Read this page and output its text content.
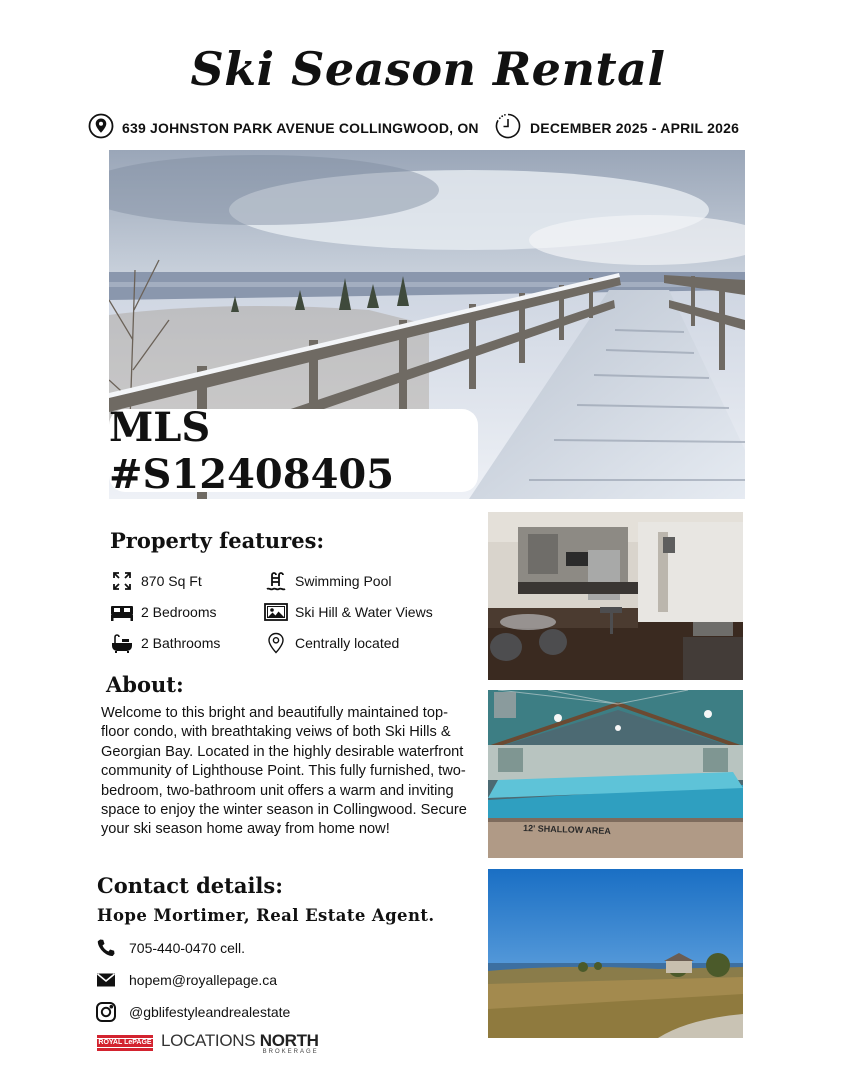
Ski Season Rental
639 JOHNSTON PARK AVENUE COLLINGWOOD, ON	DECEMBER 2025 - APRIL 2026
MLS #S12408405
Property features:
870 Sq Ft	Swimming Pool
2 Bedrooms	Ski Hill & Water Views
2 Bathrooms	Centrally located
About:
Welcome to this bright and beautifully maintained top-floor condo, with breathtaking veiws of both Ski Hills & Georgian Bay. Located in the highly desirable waterfront community of Lighthouse Point. This fully furnished, two-bedroom, two-bathroom unit offers a warm and inviting space to enjoy the winter season in Collingwood. Secure your ski season home away from home now!
Contact details:
Hope Mortimer, Real Estate Agent.
705-440-0470 cell.
hopem@royallepage.ca
@gblifestyleandrealestate
ROYAL LePAGE LOCATIONS NORTH
BROKERAGE
12' SHALLOW AREA
